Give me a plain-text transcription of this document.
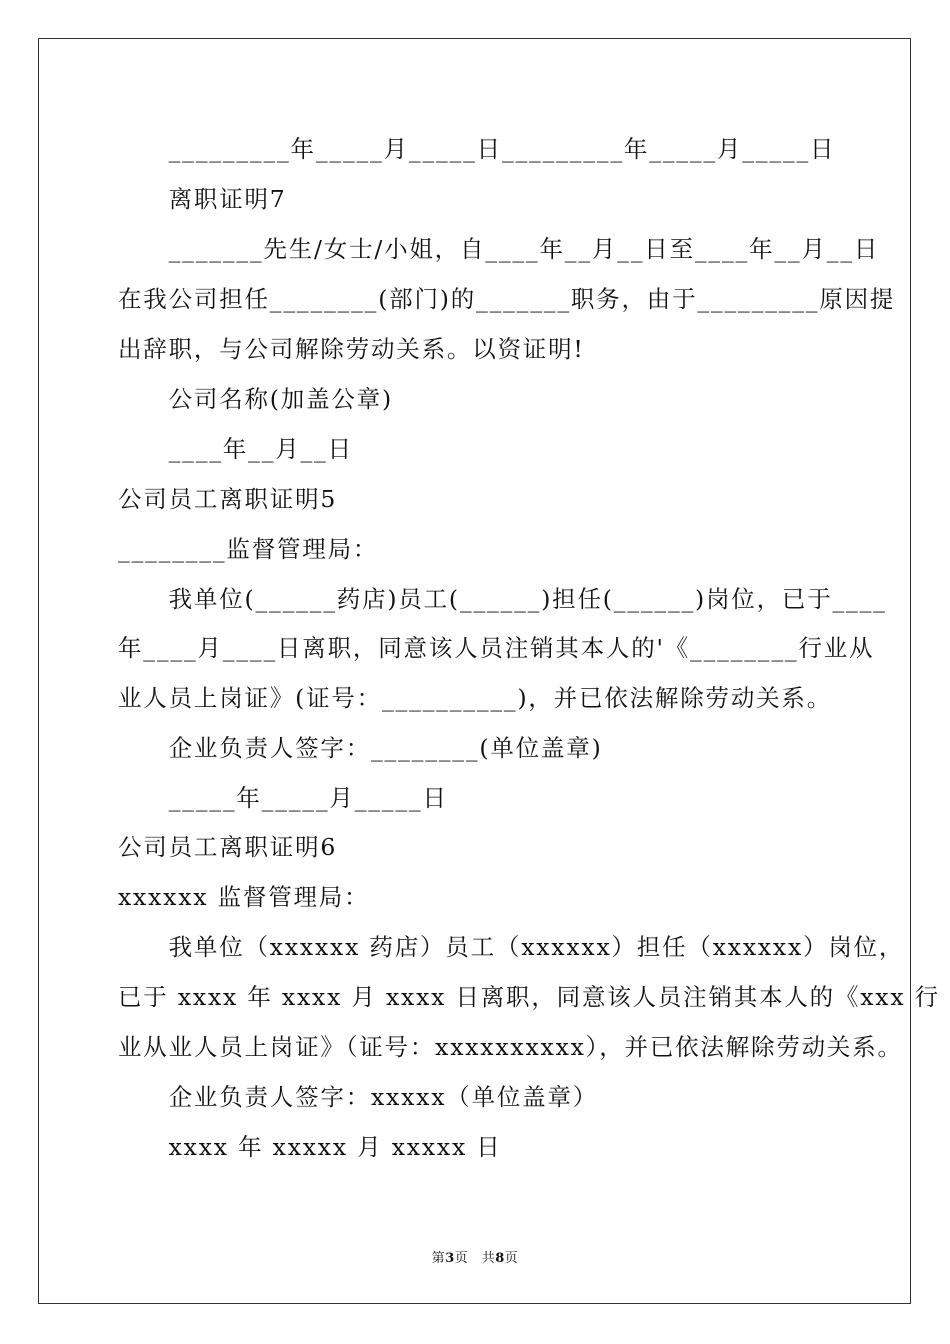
　　_________年_____月_____日_________年_____月_____日
　　离职证明7
　　_______先生/女士/小姐，自____年__月__日至____年__月__日
在我公司担任________(部门)的_______职务，由于_________原因提
出辞职，与公司解除劳动关系。以资证明!
　　公司名称(加盖公章)
　　____年__月__日
公司员工离职证明5
________监督管理局：
　　我单位(______药店)员工(______)担任(______)岗位，已于____
年____月____日离职，同意该人员注销其本人的'《________行业从
业人员上岗证》(证号：__________)，并已依法解除劳动关系。
　　企业负责人签字：________(单位盖章)
　　_____年_____月_____日
公司员工离职证明6
xxxxxx 监督管理局：
　　我单位（xxxxxx 药店）员工（xxxxxx）担任（xxxxxx）岗位，
已于 xxxx 年 xxxx 月 xxxx 日离职，同意该人员注销其本人的《xxx 行
业从业人员上岗证》（证号：xxxxxxxxxx），并已依法解除劳动关系。
　　企业负责人签字：xxxxx（单位盖章）
　　xxxx 年 xxxxx 月 xxxxx 日
第3页　共8页
